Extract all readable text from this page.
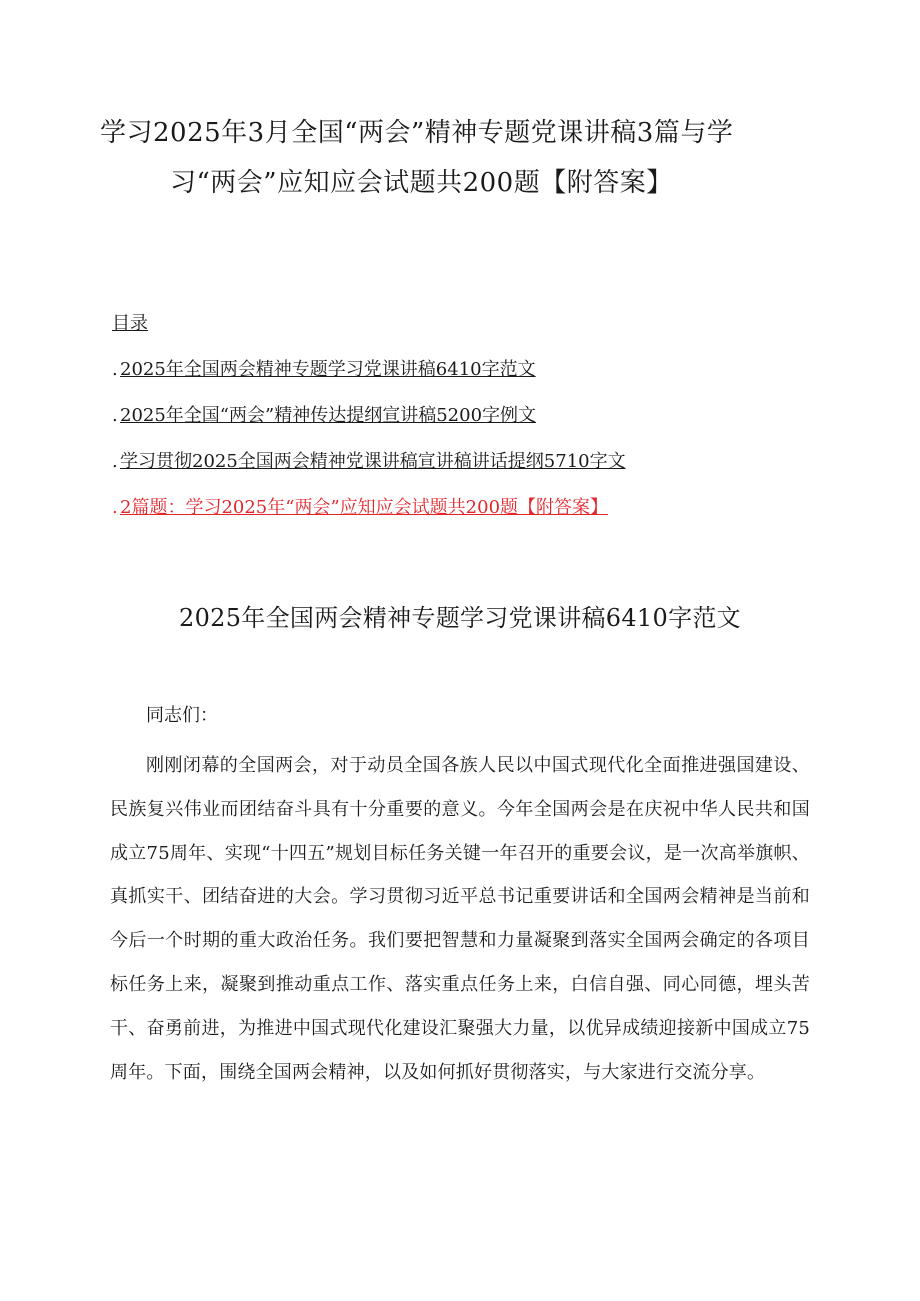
学习2025年3月全国“两会”精神专题党课讲稿3篇与学
习“两会”应知应会试题共200题【附答案】
目录
. 2025年全国两会精神专题学习党课讲稿6410字范文
. 2025年全国“两会”精神传达提纲宣讲稿5200字例文
. 学习贯彻2025全国两会精神党课讲稿宣讲稿讲话提纲5710字文
. 2篇题：学习2025年“两会”应知应会试题共200题【附答案】
2025年全国两会精神专题学习党课讲稿6410字范文

同志们：

刚刚闭幕的全国两会，对于动员全国各族人民以中国式现代化全面推进强国建设、民族复兴伟业而团结奋斗具有十分重要的意义。今年全国两会是在庆祝中华人民共和国成立75周年、实现“十四五”规划目标任务关键一年召开的重要会议，是一次高举旗帜、真抓实干、团结奋进的大会。学习贯彻习近平总书记重要讲话和全国两会精神是当前和今后一个时期的重大政治任务。我们要把智慧和力量凝聚到落实全国两会确定的各项目标任务上来，凝聚到推动重点工作、落实重点任务上来，白信自强、同心同德，埋头苦干、奋勇前进，为推进中国式现代化建设汇聚强大力量，以优异成绩迎接新中国成立75周年。下面，围绕全国两会精神，以及如何抓好贯彻落实，与大家进行交流分享。
